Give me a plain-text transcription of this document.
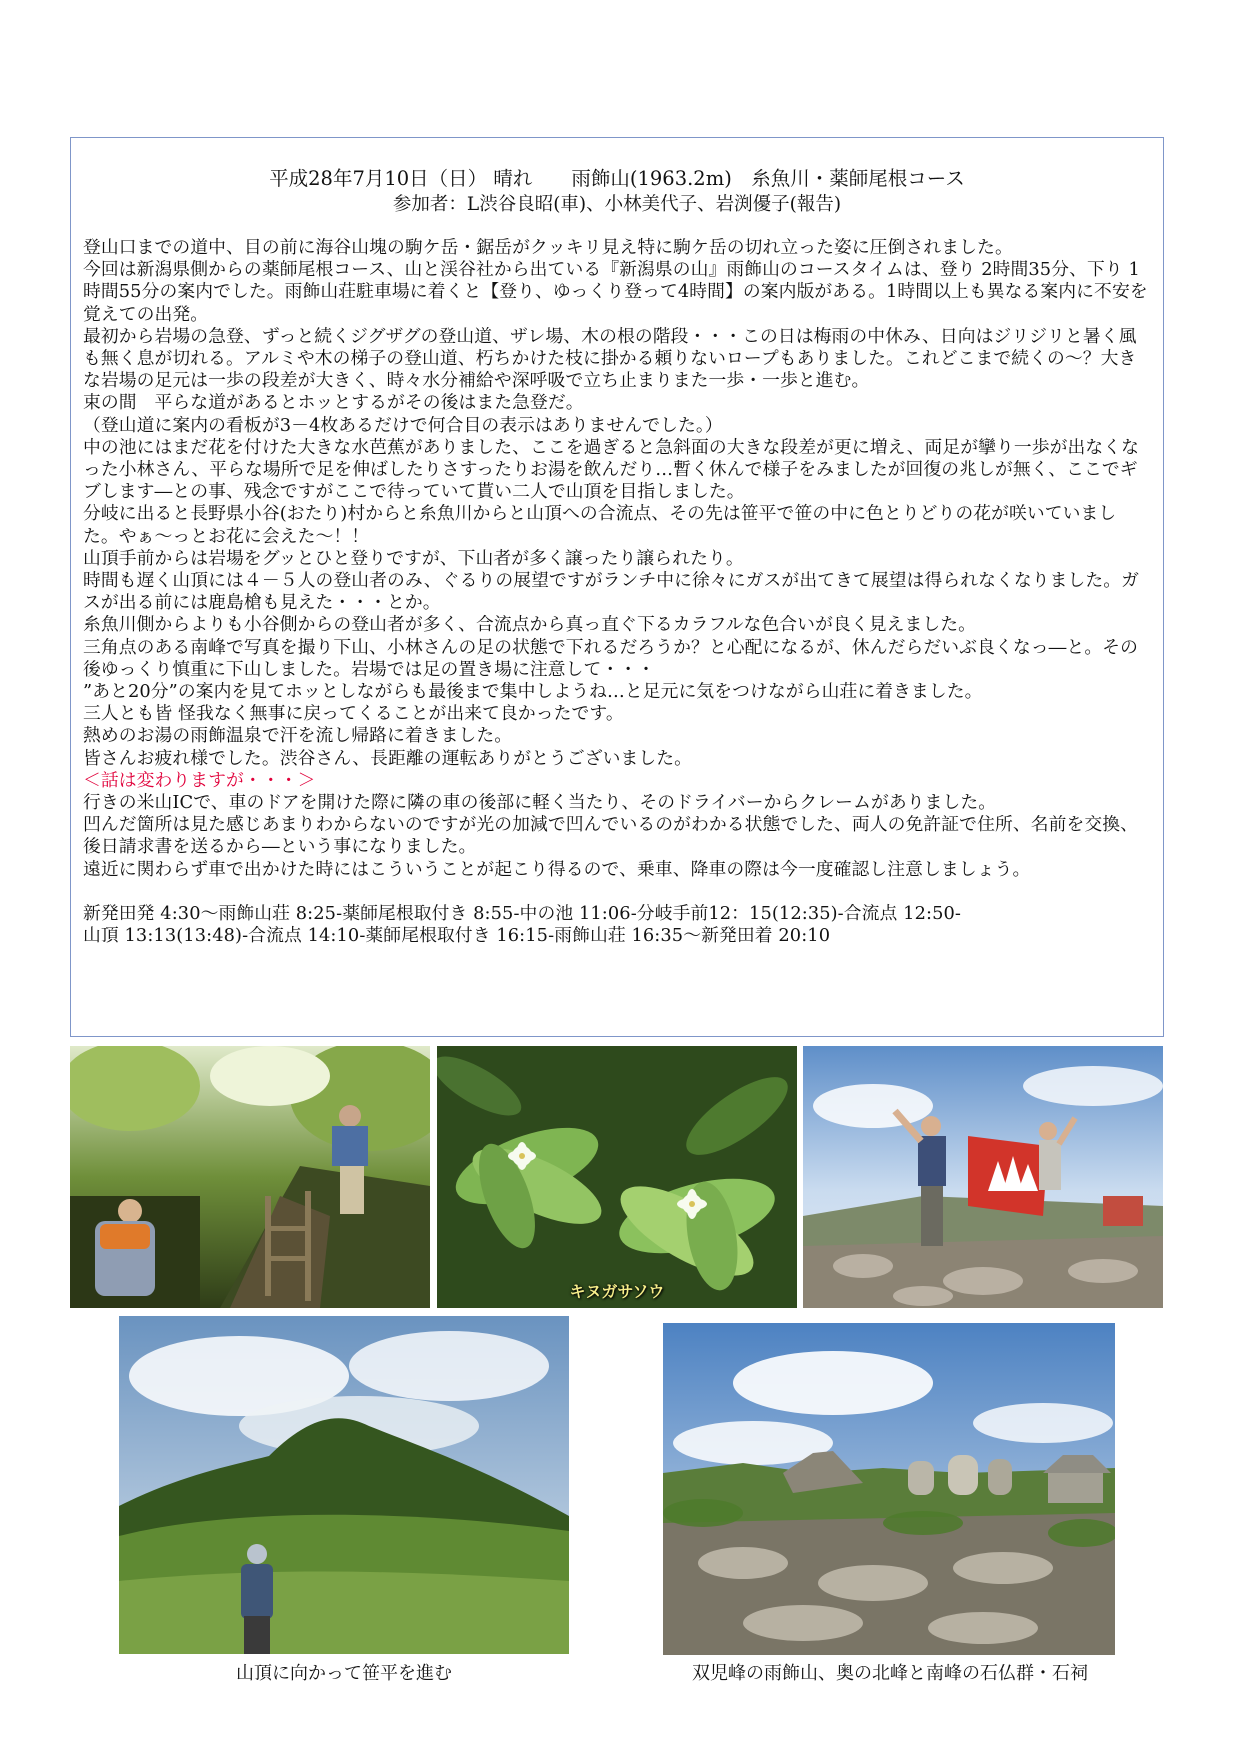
平成28年7月10日（日） 晴れ　　雨飾山(1963.2m)　糸魚川・薬師尾根コース
参加者：L渋谷良昭(車)、小林美代子、岩渕優子(報告)

登山口までの道中、目の前に海谷山塊の駒ケ岳・鋸岳がクッキリ見え特に駒ケ岳の切れ立った姿に圧倒されました。

今回は新潟県側からの薬師尾根コース、山と渓谷社から出ている『新潟県の山』雨飾山のコースタイムは、登り 2時間35分、下り 1時間55分の案内でした。雨飾山荘駐車場に着くと【登り、ゆっくり登って4時間】の案内版がある。1時間以上も異なる案内に不安を覚えての出発。

最初から岩場の急登、ずっと続くジグザグの登山道、ザレ場、木の根の階段・・・この日は梅雨の中休み、日向はジリジリと暑く風も無く息が切れる。アルミや木の梯子の登山道、朽ちかけた枝に掛かる頼りないロープもありました。これどこまで続くの～？大きな岩場の足元は一歩の段差が大きく、時々水分補給や深呼吸で立ち止まりまた一歩・一歩と進む。

束の間　平らな道があるとホッとするがその後はまた急登だ。

（登山道に案内の看板が3－4枚あるだけで何合目の表示はありませんでした。）

中の池にはまだ花を付けた大きな水芭蕉がありました、ここを過ぎると急斜面の大きな段差が更に増え、両足が攣り一歩が出なくなった小林さん、平らな場所で足を伸ばしたりさすったりお湯を飲んだり…暫く休んで様子をみましたが回復の兆しが無く、ここでギブします―との事、残念ですがここで待っていて貰い二人で山頂を目指しました。

分岐に出ると長野県小谷(おたり)村からと糸魚川からと山頂への合流点、その先は笹平で笹の中に色とりどりの花が咲いていました。やぁ～っとお花に会えた～！！

山頂手前からは岩場をグッとひと登りですが、下山者が多く譲ったり譲られたり。

時間も遅く山頂には４－５人の登山者のみ、ぐるりの展望ですがランチ中に徐々にガスが出てきて展望は得られなくなりました。ガスが出る前には鹿島槍も見えた・・・とか。

糸魚川側からよりも小谷側からの登山者が多く、合流点から真っ直ぐ下るカラフルな色合いが良く見えました。

三角点のある南峰で写真を撮り下山、小林さんの足の状態で下れるだろうか？と心配になるが、休んだらだいぶ良くなっ―と。その後ゆっくり慎重に下山しました。岩場では足の置き場に注意して・・・

”あと20分”の案内を見てホッとしながらも最後まで集中しようね…と足元に気をつけながら山荘に着きました。

三人とも皆 怪我なく無事に戻ってくることが出来て良かったです。

熱めのお湯の雨飾温泉で汗を流し帰路に着きました。

皆さんお疲れ様でした。渋谷さん、長距離の運転ありがとうございました。

＜話は変わりますが・・・＞

行きの米山ICで、車のドアを開けた際に隣の車の後部に軽く当たり、そのドライバーからクレームがありました。

凹んだ箇所は見た感じあまりわからないのですが光の加減で凹んでいるのがわかる状態でした、両人の免許証で住所、名前を交換、後日請求書を送るから―という事になりました。

遠近に関わらず車で出かけた時にはこういうことが起こり得るので、乗車、降車の際は今一度確認し注意しましょう。

新発田発 4:30～雨飾山荘 8:25-薬師尾根取付き 8:55-中の池 11:06-分岐手前12：15(12:35)-合流点 12:50-

山頂 13:13(13:48)-合流点 14:10-薬師尾根取付き 16:15-雨飾山荘 16:35～新発田着 20:10

キヌガサソウ
山頂に向かって笹平を進む	双児峰の雨飾山、奥の北峰と南峰の石仏群・石祠
